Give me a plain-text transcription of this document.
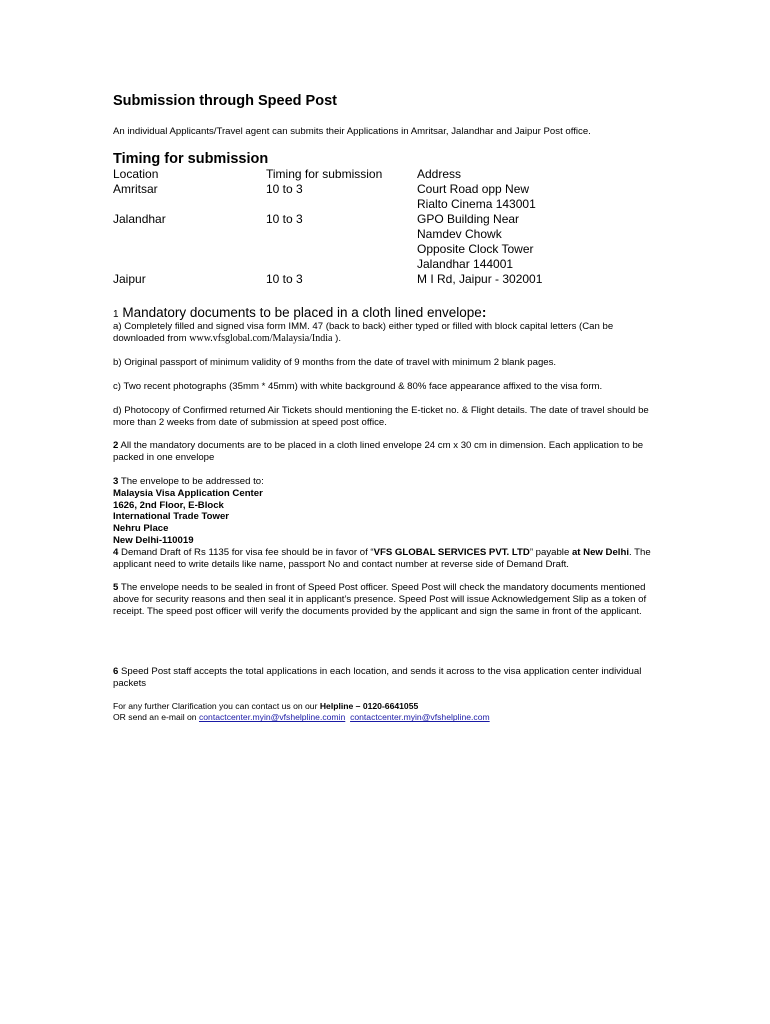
Submission through Speed Post
An individual Applicants/Travel agent can submits their Applications in Amritsar, Jalandhar and Jaipur Post office.
Timing for submission
Location	Timing for submission	Address
Amritsar	10 to 3	Court Road opp New
Rialto Cinema 143001
Jalandhar	10 to 3	GPO Building Near
Namdev Chowk
Opposite Clock Tower
Jalandhar 144001
Jaipur	10 to 3	M I Rd, Jaipur - 302001
1 Mandatory documents to be placed in a cloth lined envelope:
a) Completely filled and signed visa form IMM. 47 (back to back) either typed or filled with block capital letters (Can be downloaded from www.vfsglobal.com/Malaysia/India ).
b) Original passport of minimum validity of 9 months from the date of travel with minimum 2 blank pages.
c) Two recent photographs (35mm * 45mm) with white background & 80% face appearance affixed to the visa form.
d) Photocopy of Confirmed returned Air Tickets should mentioning the E-ticket no. & Flight details. The date of travel should be more than 2 weeks from date of submission at speed post office.
2 All the mandatory documents are to be placed in a cloth lined envelope 24 cm x 30 cm in dimension. Each application to be packed in one envelope
3 The envelope to be addressed to:
Malaysia Visa Application Center
1626, 2nd Floor, E-Block
International Trade Tower
Nehru Place
New Delhi-110019
4 Demand Draft of Rs 1135 for visa fee should be in favor of “VFS GLOBAL SERVICES PVT. LTD” payable at New Delhi. The applicant need to write details like name, passport No and contact number at reverse side of Demand Draft.
5 The envelope needs to be sealed in front of Speed Post officer. Speed Post will check the mandatory documents mentioned above for security reasons and then seal it in applicant’s presence. Speed Post will issue Acknowledgement Slip as a token of receipt. The speed post officer will verify the documents provided by the applicant and sign the same in front of the applicant.
6 Speed Post staff accepts the total applications in each location, and sends it across to the visa application center individual packets
For any further Clarification you can contact us on our Helpline – 0120-6641055
OR send an e-mail on contactcenter.myin@vfshelpline.comin contactcenter.myin@vfshelpline.com
